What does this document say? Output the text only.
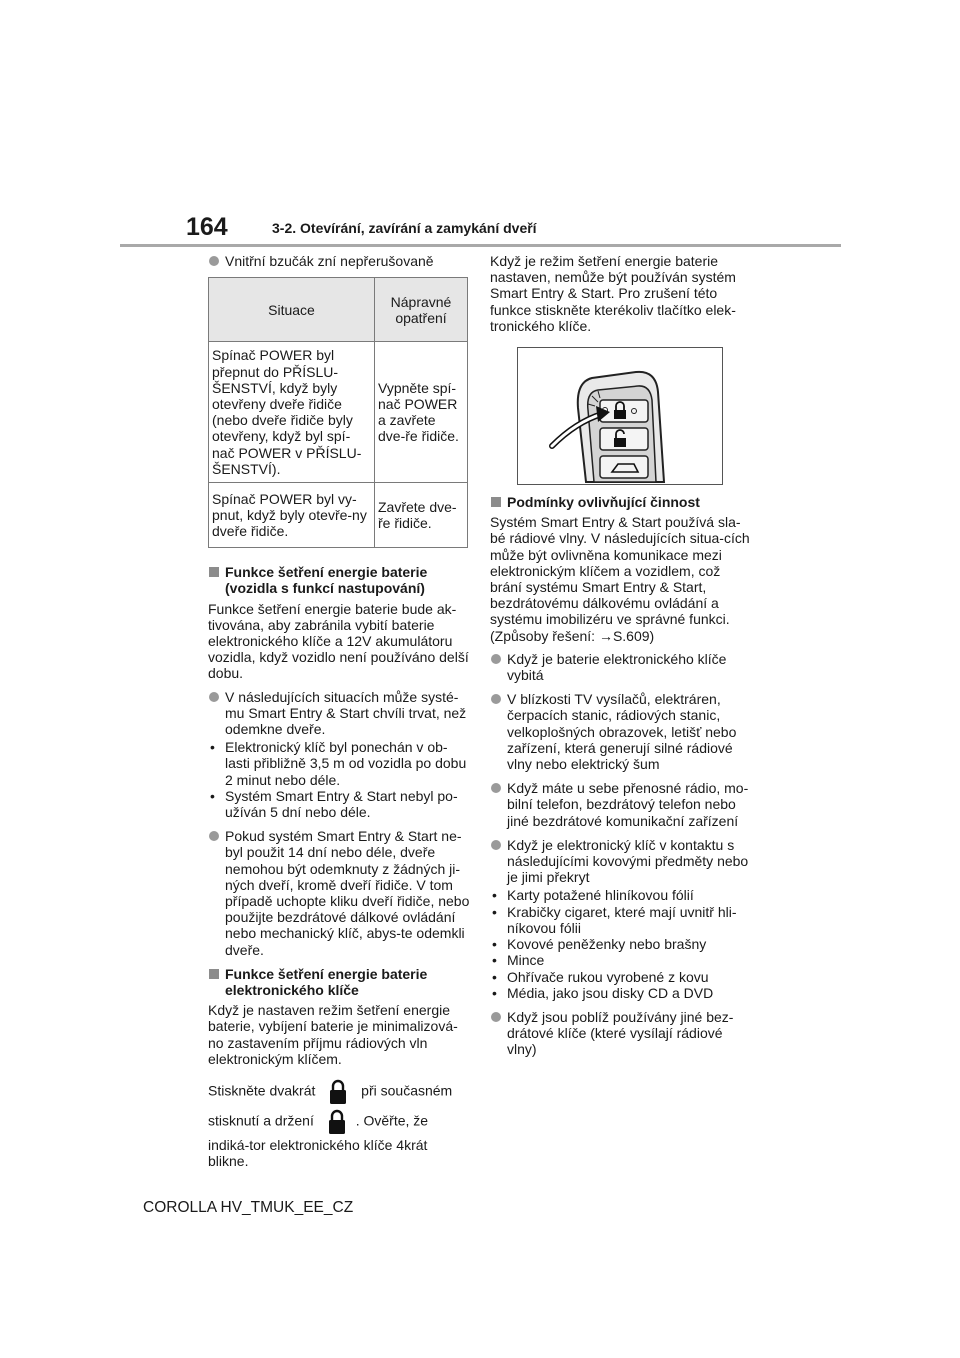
164	3-2. Otevírání, zavírání a zamykání dveří
Vnitřní bzučák zní nepřerušovaně
Situace	Nápravné opatření
Spínač POWER byl přepnut do PŘÍSLU-ŠENSTVÍ, když byly otevřeny dveře řidiče (nebo dveře řidiče byly otevřeny, když byl spí-nač POWER v PŘÍSLU-ŠENSTVÍ).	Vypněte spí-nač POWER a zavřete dve-ře řidiče.
Spínač POWER byl vy-pnut, když byly otevře-ny dveře řidiče.	Zavřete dve-ře řidiče.
Funkce šetření energie baterie (vozidla s funkcí nastupování)

Funkce šetření energie baterie bude ak-tivována, aby zabránila vybití baterie elektronického klíče a 12V akumulátoru vozidla, když vozidlo není používáno delší dobu.

V následujících situacích může systé-mu Smart Entry & Start chvíli trvat, než odemkne dveře.
• Elektronický klíč byl ponechán v ob-lasti přibližně 3,5 m od vozidla po dobu 2 minut nebo déle.
• Systém Smart Entry & Start nebyl po-užíván 5 dní nebo déle.
Pokud systém Smart Entry & Start ne-byl použit 14 dní nebo déle, dveře nemohou být odemknuty z žádných ji-ných dveří, kromě dveří řidiče. V tom případě uchopte kliku dveří řidiče, nebo použijte bezdrátové dálkové ovládání nebo mechanický klíč, abys-te odemkli dveře.
Funkce šetření energie baterie elektronického klíče

Když je nastaven režim šetření energie baterie, vybíjení baterie je minimalizová-no zastavením příjmu rádiových vln elektronickým klíčem.

Stiskněte dvakrát	při současném
stisknutí a držení	. Ověřte, že indiká-tor elektronického klíče 4krát blikne.

Když je režim šetření energie baterie nastaven, nemůže být používán systém Smart Entry & Start. Pro zrušení této funkce stiskněte kterékoliv tlačítko elek-tronického klíče.

Podmínky ovlivňující činnost

Systém Smart Entry & Start používá sla-bé rádiové vlny. V následujících situa-cích může být ovlivněna komunikace mezi elektronickým klíčem a vozidlem, což brání systému Smart Entry & Start, bezdrátovému dálkovému ovládání a systému imobilizéru ve správné funkci. (Způsoby řešení: →S.609)

Když je baterie elektronického klíče vybitá
V blízkosti TV vysílačů, elektráren, čerpacích stanic, rádiových stanic, velkoplošných obrazovek, letišť nebo zařízení, která generují silné rádiové vlny nebo elektrický šum
Když máte u sebe přenosné rádio, mo-bilní telefon, bezdrátový telefon nebo jiné bezdrátové komunikační zařízení
Když je elektronický klíč v kontaktu s následujícími kovovými předměty nebo je jimi překryt
• Karty potažené hliníkovou fólií
• Krabičky cigaret, které mají uvnitř hli-níkovou fólii
• Kovové peněženky nebo brašny
• Mince
• Ohřívače rukou vyrobené z kovu
• Média, jako jsou disky CD a DVD
Když jsou poblíž používány jiné bez-drátové klíče (které vysílají rádiové vlny)
COROLLA HV_TMUK_EE_CZ
